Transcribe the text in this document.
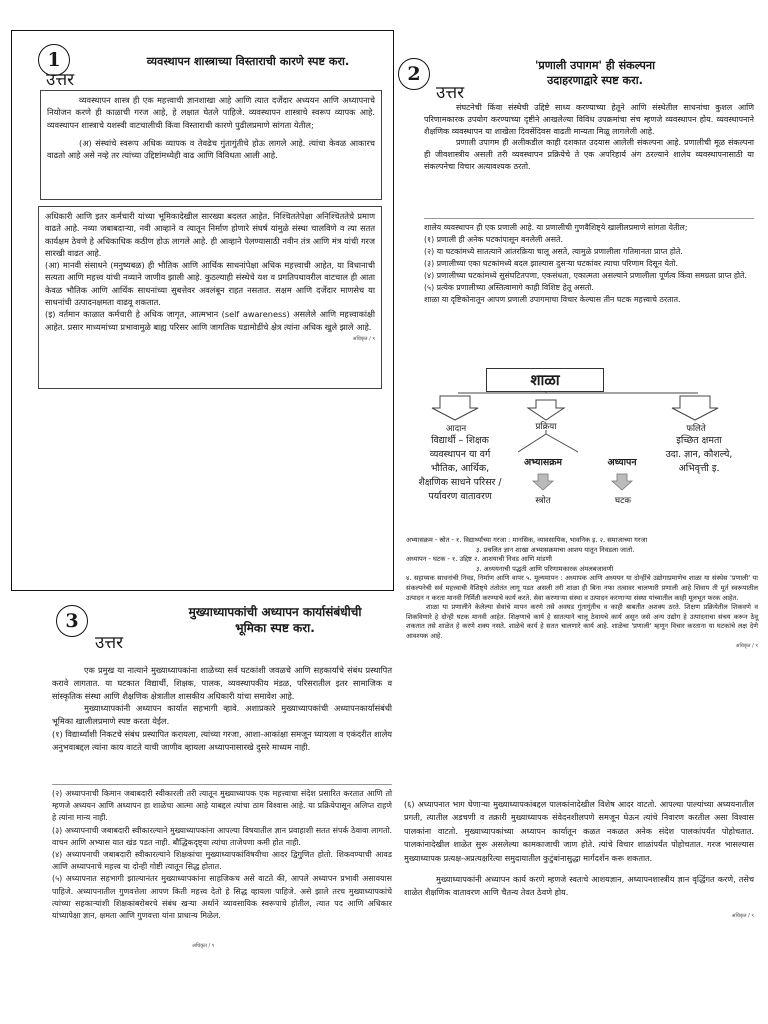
1
उत्तर
व्यवस्थापन शास्त्राच्या विस्ताराची कारणे स्पष्ट करा.

व्यवस्थापन शास्त्र ही एक महत्त्वाची ज्ञानशाखा आहे आणि त्यात दर्जेदार अध्ययन आणि अध्यापनाचे नियोजन करणे ही काळाची गरज आहे, हे लक्षात घेतले पाहिजे. व्यवस्थापन शास्त्राचे स्वरूप व्यापक आहे. व्यवस्थापन शास्त्राचे यशस्वी वाटचालीची किंवा विस्ताराची कारणे पुढीलप्रमाणे सांगता येतील;

(अ) संस्थांचे स्वरूप अधिक व्यापक व तेवढेच गुंतागुंतीचे होऊ लागले आहे. त्यांचा केवळ आकारच वाढतो आहे असे नव्हे तर त्यांच्या उद्दिष्टांमध्येही वाढ आणि विविधता आली आहे.

अधिकारी आणि इतर कर्मचारी यांच्या भूमिकादेखील सारख्या बदलत आहेत. निश्चिततेपेक्षा अनिश्चिततेचे प्रमाण वाढते आहे. नव्या जबाबदाऱ्या, नवी आव्हाने व त्यातून निर्माण होणारे संघर्ष यांमुळे संस्था चालविणे व त्या सतत कार्यक्षम ठेवणे हे अधिकाधिक कठीण होऊ लागले आहे. ही आव्हाने पेलण्यासाठी नवीन तंत्र आणि मंत्र यांची गरज सारखी वाढत आहे.

(आ) मानवी संसाधने (मनुष्यबळ) ही भौतिक आणि आर्थिक साधनांपेक्षा अधिक महत्त्वाची आहेत, या विधानाची सत्यता आणि महत्त्व यांची नव्याने जाणीव झाली आहे. कुठल्याही संस्थेचे यश व प्रगतिपथावरील वाटचाल ही आता केवळ भौतिक आणि आर्थिक साधनांच्या सुबत्तेवर अवलंबून राहत नसतात. सक्षम आणि दर्जेदार माणसेच या साधनांची उत्पादनक्षमता वाढवू शकतात.

(इ) वर्तमान काळात कर्मचारी हे अधिक जागृत, आत्मभान (self awareness) असलेले आणि महत्त्वाकांक्षी आहेत. प्रसार माध्यमांच्या प्रभावामुळे बाह्य परिसर आणि जागतिक घडामोडींचे क्षेत्र त्यांना अधिक खुले झाले आहे.

अधिकृत / ९
2
उत्तर
'प्रणाली उपागम' ही संकल्पना
उदाहरणाद्वारे स्पष्ट करा.
संघटनेची किंवा संस्थेची उद्दिष्टे साध्य करण्याच्या हेतूने आणि संस्थेतील साधनांचा कुशल आणि परिणामकारक उपयोग करण्याच्या दृष्टीने आखलेल्या विविध उपक्रमांचा संच म्हणजे व्यवस्थापन होय. व्यवस्थापनाने शैक्षणिक व्यवस्थापन या शाखेला दिवसेंदिवस वाढती मान्यता मिळू लागलेली आहे.
प्रणाली उपागम ही अलीकडील काही दशकात उदयास आलेली संकल्पना आहे. प्रणालीची मूळ संकल्पना ही जीवशास्त्रीय असली तरी व्यवस्थापन प्रक्रियेचे ते एक अपरिहार्य अंग ठरल्याने शालेय व्यवस्थापनासाठी या संकल्पनेचा विचार अत्यावश्यक ठरतो.
शालेय व्यवस्थापन ही एक प्रणाली आहे. या प्रणालीची गुणवैशिष्ट्ये खालीलप्रमाणे सांगता येतील;
(१) प्रणाली ही अनेक घटकांपासून बनलेली असते.
(२) या घटकांमध्ये सातत्याने आंतरक्रिया चालू असते, त्यामुळे प्रणालीला गतिमानता प्राप्त होते.
(३) प्रणालीच्या एका घटकांमध्ये बदल झाल्यास दुसऱ्या घटकांवर त्याचा परिणाम दिसून येतो.
(४) प्रणालीच्या घटकांमध्ये सुसंघटितपणा, एकसंधता, एकात्मता असल्याने प्रणालीला पूर्णत्व किंवा समग्रता प्राप्त होते.
(५) प्रत्येक प्रणालीच्या अस्तित्वामागे काही विशिष्ट हेतू असतो.
शाळा या दृष्टिकोनातून आपण प्रणाली उपागमाचा विचार केल्यास तीन घटक महत्त्वाचे ठरतात.
शाळा
आदान	प्रक्रिया	फलिते
विद्यार्थी – शिक्षक
व्यवस्थापन या वर्ग
भौतिक, आर्थिक,
शैक्षणिक साधने परिसर /
पर्यावरण वातावरण
अभ्यासक्रम	अध्यापन
स्त्रोत	घटक
इच्छित क्षमता
उदा. ज्ञान, कौशल्ये,
अभिवृत्ती इ.
अभ्यासक्रम - स्रोत - १. विद्यार्थ्यांच्या गरजा : मानसिक, व्यावसायिक, भावनिक इ. २. समाजाच्या गरजा
३. प्रचलित ज्ञान शाखा अभ्यासक्रमाचा आशय यातून निवडला जातो.
अध्यापन - घटक - १. उद्दिष्ट २. आशयाची निवड आणि मांडणी
३. अध्ययनाची पद्धती आणि परिणामकारक अंमलबजावणी
४. सहाय्यक साधनांची निवड, निर्माण आणि वापर ५. मूल्यमापन : अध्यापक आणि अध्ययन या दोन्हींचे उद्योगाप्रमाणेच शाळा या संस्थेस 'प्रणाली' या संकल्पनेची सर्व महत्त्वाची वैशिष्ट्ये तंतोतंत लागू पडत असली तरी शाळा ही बिना नफा तत्वावर चालणारी प्रणाली आहे शिवाय ती मूर्त स्वरूपातील उत्पादन न करता मानवी निर्मिती करण्याचे कार्य करते. सेवा करणाऱ्या संस्था व उत्पादन करणाऱ्या संस्था यांच्यातील काही मूलभूत फरक आहेत.
शाळा या प्रणालीने केलेल्या सेवांचे मापन करणे तसे अवघड गुंतागुंतीच व काही बाबतीत अशक्य ठरते. शिक्षण प्रक्रियेतील शिकवणे व शिकविणारे हे दोन्ही घटक मानवी आहेत. शिक्षणाचे कार्य हे सातत्याने चालू ठेवायचे कार्य असून जसे अन्य उद्योग हे उत्पादनाचा संचय करून ठेवू शकतात तसे शाळेत हे करणे शक्य नसते. शाळेचे कार्य हे सतत चालणारे कार्य आहे. शाळेचा 'प्रणाली' म्हणून विचार करताना या घटकांचे लक्ष देणे आवश्यक आहे.
अधिकृत / ९
3
उत्तर
मुख्याध्यापकांची अध्यापन कार्यासंबंधीची
भूमिका स्पष्ट करा.
एक प्रमुख या नात्याने मुख्याध्यापकांना शाळेच्या सर्व घटकांशी जवळचे आणि सहकार्याचे संबंध प्रस्थापित करावे लागतात. या घटकात विद्यार्थी, शिक्षक, पालक, व्यवस्थापकीय मंडळ, परिसरातील इतर सामाजिक व सांस्कृतिक संस्था आणि शैक्षणिक क्षेत्रातील शासकीय अधिकारी यांचा समावेश आहे.
मुख्याध्यापकांनी अध्यापन कार्यात सहभागी व्हावे. अशाप्रकारे मुख्याध्यापकांची अध्यापनकार्यासंबंधी भूमिका खालीलप्रमाणे स्पष्ट करता येईल.
(१) विद्यार्थ्यांशी निकटचे संबंध प्रस्थापित करायला, त्यांच्या गरजा, आशा-आकांक्षा समजून घ्यायला व एकंदरीत शालेय अनुभवाबद्दल त्यांना काय वाटते याची जाणीव व्हायला अध्यापनासारखे दुसरे माध्यम नाही.
(२) अध्यापनाची किमान जबाबदारी स्वीकारली तरी त्यातून मुख्याध्यापक एक महत्त्वाचा संदेश प्रसारित करतात आणि तो म्हणजे अध्ययन आणि अध्यापन हा शाळेचा आत्मा आहे याबद्दल त्यांचा ठाम विश्वास आहे. या प्रक्रियेपासून अलिप्त राहणे हे त्यांना मान्य नाही.
(३) अध्यापनाची जबाबदारी स्वीकारल्याने मुख्याध्यापकांना आपल्या विषयातील ज्ञान प्रवाहाशी सतत संपर्क ठेवावा लागतो. वाचन आणि अभ्यास यात खंड पडत नाही. बौद्धिकदृष्ट्या त्यांचा ताजेपणा कमी होत नाही.
(४) अध्यापनाची जबाबदारी स्वीकारल्याने शिक्षकांचा मुख्याध्यापकांविषयीचा आदर द्विगुणित होतो. शिकवण्याची आवड आणि अध्यापनाचे महत्त्व या दोन्ही गोष्टी त्यातून सिद्ध होतात.
(५) अध्यापनात सहभागी झाल्यानंतर मुख्याध्यापकांना साहजिकच असे वाटते की, आपले अध्यापन प्रभावी असावयास पाहिजे. अध्यापनातील गुणवत्तेला आपण किती महत्त्व देतो हे सिद्ध व्हायला पाहिजे. असे झाले तरच मुख्याध्यापकांचे त्यांच्या सहकाऱ्यांशी शिक्षकांबरोबरचे संबंध खऱ्या अर्थाने व्यावसायिक स्वरूपाचे होतील, त्यात पद आणि अधिकार यांच्यापेक्षा ज्ञान, क्षमता आणि गुणवत्ता यांना प्राधान्य मिळेल.
अधिकृत / ९
(६) अध्यापनात भाग घेणाऱ्या मुख्याध्यापकांबद्दल पालकांनादेखील विशेष आदर वाटतो. आपल्या पाल्यांच्या अध्ययनातील प्रगती, त्यातील अडचणी व तक्रारी मुख्याध्यापक संवेदनशीलपणे समजून घेऊन त्यांचे निवारण करतील असा विश्वास पालकांना वाटतो. मुख्याध्यापकांच्या अध्यापन कार्यातून कळत नकळत अनेक संदेश पालकांपर्यंत पोहोचतात. पालकांनादेखील शाळेत सुरू असलेल्या कामकाजाची जाण होते. त्यांचे विचार शाळांपर्यंत पोहोचतात. गरज भासल्यास मुख्याध्यापक प्रत्यक्ष-अप्रत्यक्षरित्या समुदायातील कुटुंबांनासुद्धा मार्गदर्शन करू शकतात.
मुख्याध्यापकांनी अध्यापन कार्य करणे म्हणजे स्वतःचे आशयज्ञान, अध्यापनशास्त्रीय ज्ञान वृद्धिंगत करणे, तसेच शाळेत शैक्षणिक वातावरण आणि चैतन्य तेवत ठेवणे होय.
अधिकृत / ९
